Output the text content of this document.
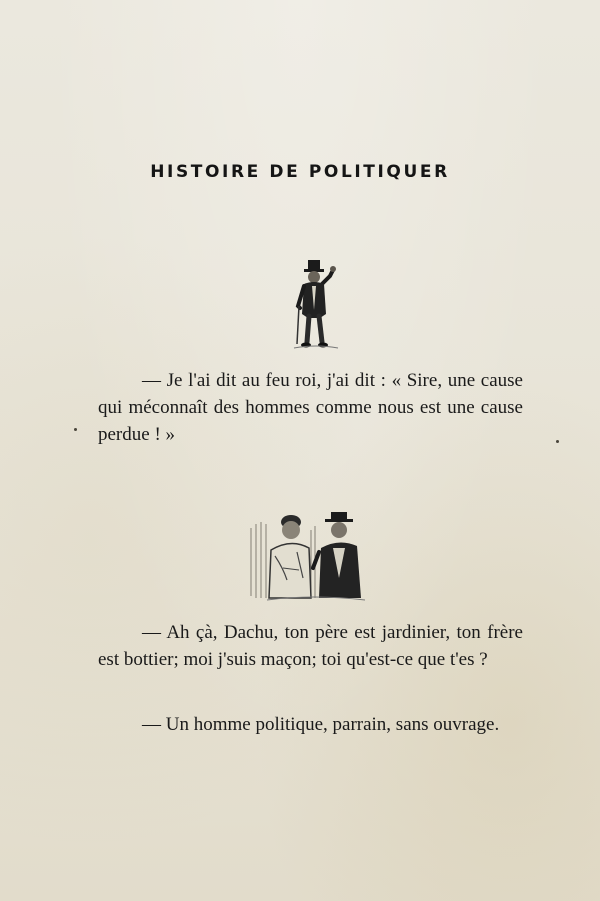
HISTOIRE DE POLITIQUER

— Je l'ai dit au feu roi, j'ai dit : « Sire, une cause qui méconnaît des hommes comme nous est une cause perdue ! »

— Ah çà, Dachu, ton père est jardinier, ton frère est bottier; moi j'suis maçon; toi qu'est-ce que t'es ?

— Un homme politique, parrain, sans ouvrage.
